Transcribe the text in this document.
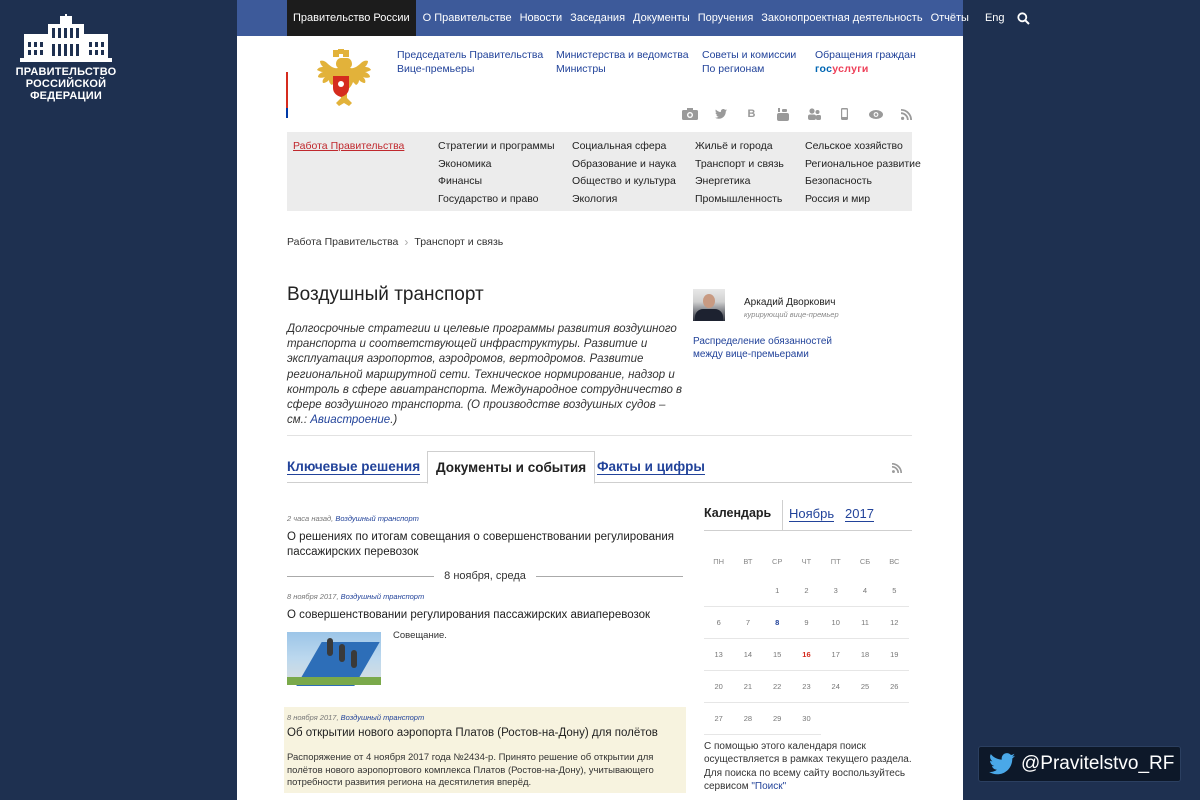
ПРАВИТЕЛЬСТВО
РОССИЙСКОЙ
ФЕДЕРАЦИИ
@Pravitelstvo_RF
Правительство России	О Правительстве Новости Заседания Документы Поручения Законопроектная деятельность Отчёты	Eng
Председатель Правительства
Вице-премьеры
Министерства и ведомства
Министры
Советы и комиссии
По регионам
Обращения граждан
госуслуги
B
Работа Правительства	Стратегии и программы
Экономика
Финансы
Государство и право
Социальная сфера
Образование и наука
Общество и культура
Экология
Жильё и города
Транспорт и связь
Энергетика
Промышленность
Сельское хозяйство
Региональное развитие
Безопасность
Россия и мир
Работа Правительства › Транспорт и связь
Воздушный транспорт
Долгосрочные стратегии и целевые программы развития воздушного транспорта и соответствующей инфраструктуры. Развитие и эксплуатация аэропортов, аэродромов, вертодромов. Развитие региональной маршрутной сети. Техническое нормирование, надзор и контроль в сфере авиатранспорта. Международное сотрудничество в сфере воздушного транспорта. (О производстве воздушных судов – см.: Авиастроение.)
Аркадий Дворкович
курирующий вице-премьер
Распределение обязанностей
между вице-премьерами
Ключевые решения	Документы и события Факты и цифры
2 часа назад, Воздушный транспорт
О решениях по итогам совещания о совершенствовании регулирования пассажирских перевозок
8 ноября, среда
8 ноября 2017, Воздушный транспорт
О совершенствовании регулирования пассажирских авиаперевозок
Совещание.
8 ноября 2017, Воздушный транспорт
Об открытии нового аэропорта Платов (Ростов-на-Дону) для полётов
Распоряжение от 4 ноября 2017 года №2434-р. Принято решение об открытии для полётов нового аэропортового комплекса Платов (Ростов-на-Дону), учитывающего потребности развития региона на десятилетия вперёд.
Календарь Ноябрь 2017
ПН	ВТ	СР	ЧТ	ПТ	СБ	ВС
		1	2	3	4	5
6	7	8	9	10	11	12
13	14	15	16	17	18	19
20	21	22	23	24	25	26
27	28	29	30			
С помощью этого календаря поиск осуществляется в рамках текущего раздела. Для поиска по всему сайту воспользуйтесь сервисом "Поиск"
